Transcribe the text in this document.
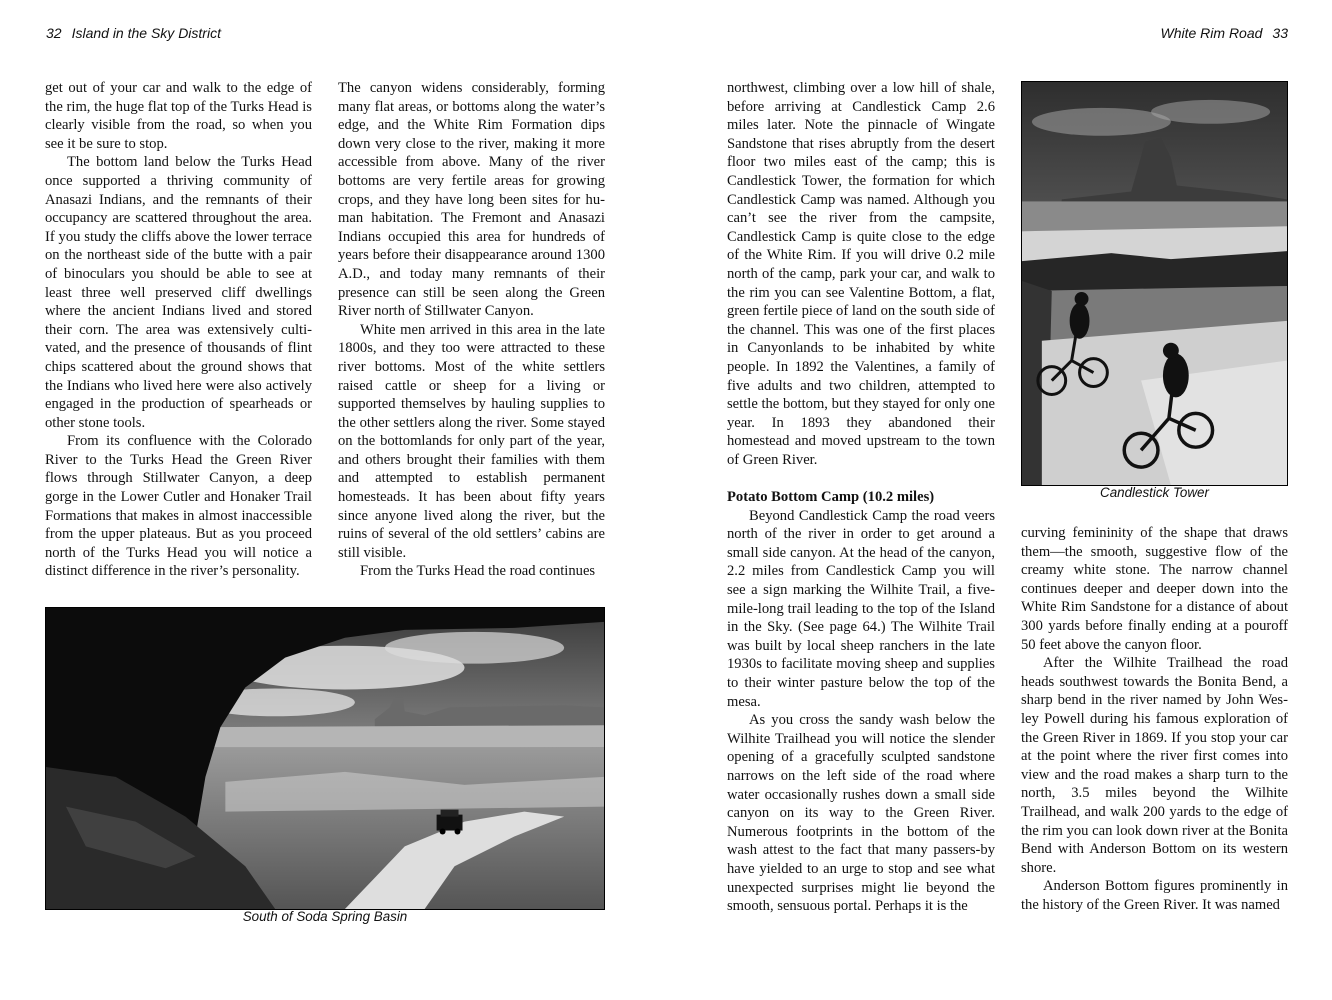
32 Island in the Sky District

get out of your car and walk to the edge of the rim, the huge flat top of the Turks Head is clearly visible from the road, so when you see it be sure to stop.

The bottom land below the Turks Head once supported a thriving community of Anasazi Indians, and the remnants of their occupancy are scattered throughout the area. If you study the cliffs above the lower terrace on the northeast side of the butte with a pair of binoculars you should be able to see at least three well preserved cliff dwellings where the ancient Indians lived and stored their corn. The area was extensively cultivated, and the presence of thousands of flint chips scattered about the ground shows that the Indians who lived here were also actively engaged in the production of spearheads or other stone tools.

From its confluence with the Colorado River to the Turks Head the Green River flows through Stillwater Canyon, a deep gorge in the Lower Cutler and Honaker Trail Formations that makes in almost inaccessible from the upper plateaus. But as you proceed north of the Turks Head you will notice a distinct difference in the river’s personality.

The canyon widens considerably, forming many flat areas, or bottoms along the water’s edge, and the White Rim Formation dips down very close to the river, making it more accessible from above. Many of the river bottoms are very fertile areas for growing crops, and they have long been sites for human habitation. The Fremont and Anasazi Indians occupied this area for hundreds of years before their disappearance around 1300 A.D., and today many remnants of their presence can still be seen along the Green River north of Stillwater Canyon.

White men arrived in this area in the late 1800s, and they too were attracted to these river bottoms. Most of the white settlers raised cattle or sheep for a living or supported themselves by hauling supplies to the other settlers along the river. Some stayed on the bottomlands for only part of the year, and others brought their families with them and attempted to establish permanent homesteads. It has been about fifty years since anyone lived along the river, but the ruins of several of the old settlers’ cabins are still visible.

From the Turks Head the road continues

South of Soda Spring Basin
White Rim Road 33

northwest, climbing over a low hill of shale, before arriving at Candlestick Camp 2.6 miles later. Note the pinnacle of Wingate Sandstone that rises abruptly from the desert floor two miles east of the camp; this is Candlestick Tower, the formation for which Candlestick Camp was named. Although you can’t see the river from the campsite, Candlestick Camp is quite close to the edge of the White Rim. If you will drive 0.2 mile north of the camp, park your car, and walk to the rim you can see Valentine Bottom, a flat, green fertile piece of land on the south side of the channel. This was one of the first places in Canyonlands to be inhabited by white people. In 1892 the Valentines, a family of five adults and two children, attempted to settle the bottom, but they stayed for only one year. In 1893 they abandoned their homestead and moved upstream to the town of Green River.

Potato Bottom Camp (10.2 miles)

Beyond Candlestick Camp the road veers north of the river in order to get around a small side canyon. At the head of the canyon, 2.2 miles from Candlestick Camp you will see a sign marking the Wilhite Trail, a five-mile-long trail leading to the top of the Island in the Sky. (See page 64.) The Wilhite Trail was built by local sheep ranchers in the late 1930s to facilitate moving sheep and supplies to their winter pasture below the top of the mesa.

As you cross the sandy wash below the Wilhite Trailhead you will notice the slender opening of a gracefully sculpted sandstone narrows on the left side of the road where water occasionally rushes down a small side canyon on its way to the Green River. Numerous footprints in the bottom of the wash attest to the fact that many passers-by have yielded to an urge to stop and see what unexpected surprises might lie beyond the smooth, sensuous portal. Perhaps it is the

Candlestick Tower

curving femininity of the shape that draws them—the smooth, suggestive flow of the creamy white stone. The narrow channel continues deeper and deeper down into the White Rim Sandstone for a distance of about 300 yards before finally ending at a pouroff 50 feet above the canyon floor.

After the Wilhite Trailhead the road heads southwest towards the Bonita Bend, a sharp bend in the river named by John Wesley Powell during his famous exploration of the Green River in 1869. If you stop your car at the point where the river first comes into view and the road makes a sharp turn to the north, 3.5 miles beyond the Wilhite Trailhead, and walk 200 yards to the edge of the rim you can look down river at the Bonita Bend with Anderson Bottom on its western shore.

Anderson Bottom figures prominently in the history of the Green River. It was named
